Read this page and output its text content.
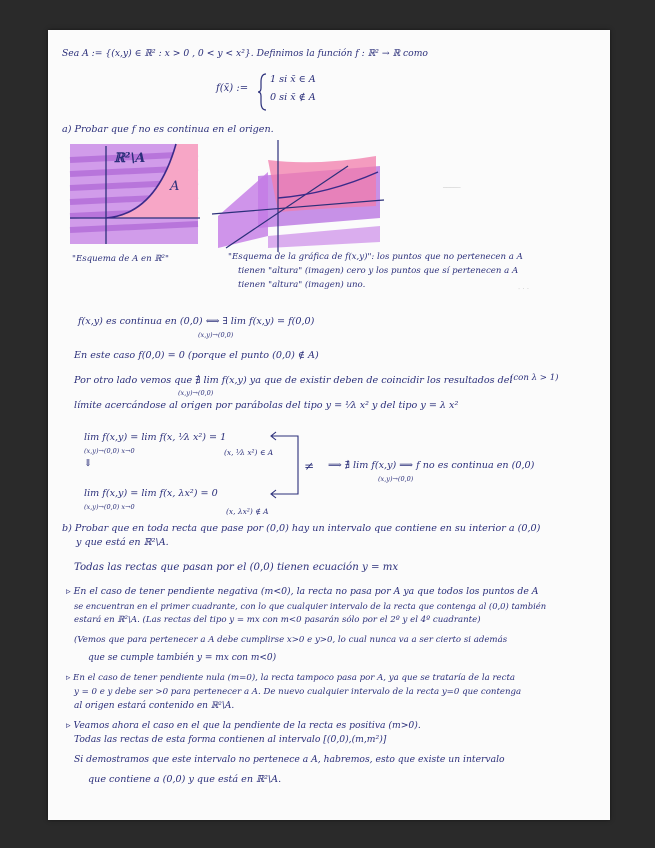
_____
· · ·
Sea A := {(x,y) ∈ ℝ² : x > 0 , 0 < y < x²}. Definimos la función f : ℝ² → ℝ como
f(x̄) :=
1 si x̄ ∈ A
0 si x̄ ∉ A
a) Probar que f no es continua en el origen.
ℝ²\A
A
"Esquema de A en ℝ²"	"Esquema de la gráfica de f(x,y)": los puntos que no pertenecen a A
tienen "altura" (imagen) cero y los puntos que sí pertenecen a A
tienen "altura" (imagen) uno.
f(x,y) es continua en (0,0) ⟺ ∃ lim f(x,y) = f(0,0)
(x,y)→(0,0)
En este caso f(0,0) = 0 (porque el punto (0,0) ∉ A)
Por otro lado vemos que ∄ lim f(x,y) ya que de existir deben de coincidir los resultados del
(x,y)→(0,0)
(con λ > 1)
límite acercándose al origen por parábolas del tipo y = ¹⁄λ x² y del tipo y = λ x²
lim f(x,y) = lim f(x, ¹⁄λ x²) = 1
(x,y)→(0,0) x→0	(x, ¹⁄λ x²) ∈ A
⇓
lim f(x,y) = lim f(x, λx²) = 0
(x,y)→(0,0) x→0	(x, λx²) ∉ A
≠ ⟹ ∄ lim f(x,y) ⟹ f no es continua en (0,0)
(x,y)→(0,0)
b) Probar que en toda recta que pase por (0,0) hay un intervalo que contiene en su interior a (0,0)
y que está en ℝ²\A.
Todas las rectas que pasan por el (0,0) tienen ecuación y = mx
▹ En el caso de tener pendiente negativa (m<0), la recta no pasa por A ya que todos los puntos de A
se encuentran en el primer cuadrante, con lo que cualquier intervalo de la recta que contenga al (0,0) también
estará en ℝ²\A. (Las rectas del tipo y = mx con m<0 pasarán sólo por el 2º y el 4º cuadrante)
(Vemos que para pertenecer a A debe cumplirse x>0 e y>0, lo cual nunca va a ser cierto si además
que se cumple también y = mx con m<0)
▹ En el caso de tener pendiente nula (m=0), la recta tampoco pasa por A, ya que se trataría de la recta
y = 0 e y debe ser >0 para pertenecer a A. De nuevo cualquier intervalo de la recta y=0 que contenga
al origen estará contenido en ℝ²\A.
▹ Veamos ahora el caso en el que la pendiente de la recta es positiva (m>0).
Todas las rectas de esta forma contienen al intervalo [(0,0),(m,m²)]
Si demostramos que este intervalo no pertenece a A, habremos, esto que existe un intervalo
que contiene a (0,0) y que está en ℝ²\A.
